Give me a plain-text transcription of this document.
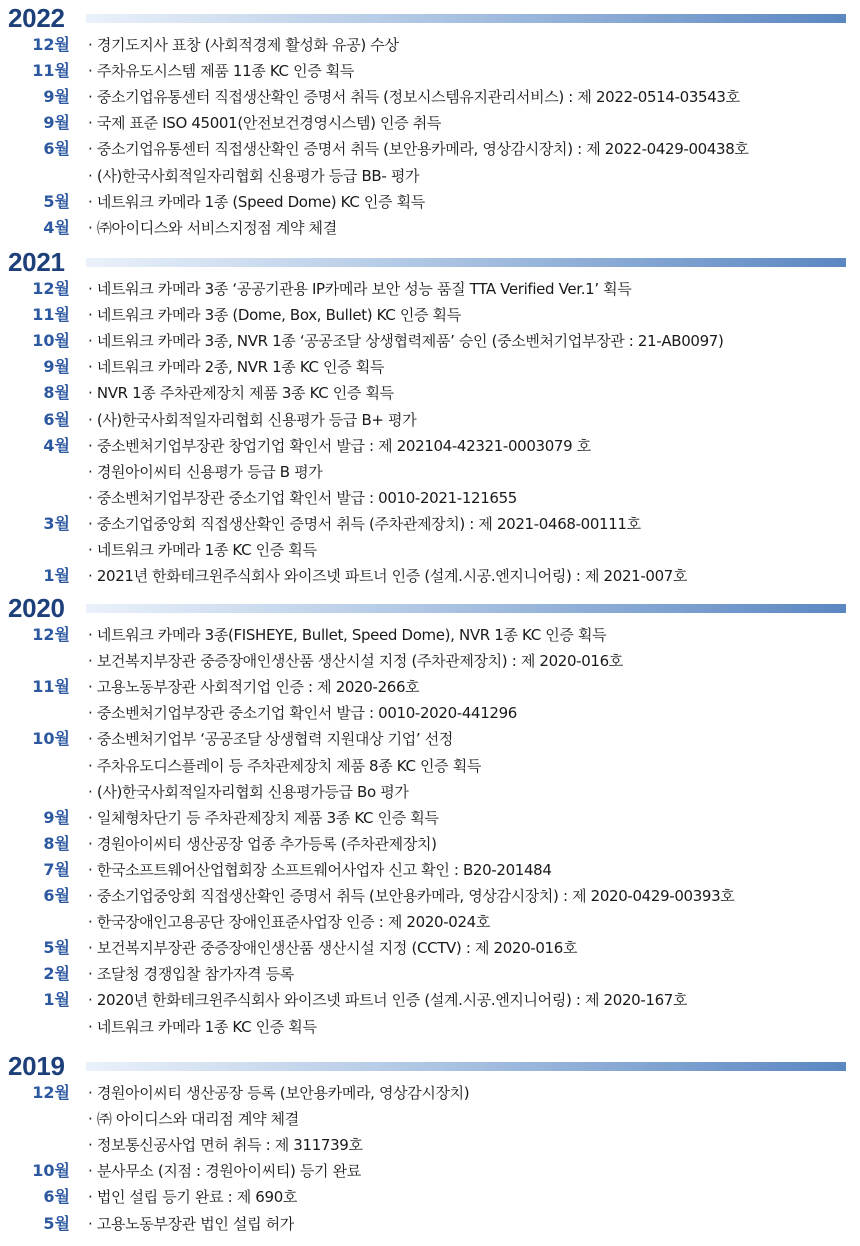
2022
12월 · 경기도지사 표창 (사회적경제 활성화 유공) 수상
11월 · 주차유도시스템 제품 11종 KC 인증 획득
9월 · 중소기업유통센터 직접생산확인 증명서 취득 (정보시스템유지관리서비스) : 제 2022-0514-03543호
9월 · 국제 표준 ISO 45001(안전보건경영시스템) 인증 취득
6월 · 중소기업유통센터 직접생산확인 증명서 취득 (보안용카메라, 영상감시장치) : 제 2022-0429-00438호
· (사)한국사회적일자리협회 신용평가 등급 BB- 평가
5월 · 네트워크 카메라 1종 (Speed Dome) KC 인증 획득
4월 · ㈜아이디스와 서비스지정점 계약 체결
2021
12월 · 네트워크 카메라 3종 ‘공공기관용 IP카메라 보안 성능 품질 TTA Verified Ver.1’ 획득
11월 · 네트워크 카메라 3종 (Dome, Box, Bullet) KC 인증 획득
10월 · 네트워크 카메라 3종, NVR 1종 ‘공공조달 상생협력제품’ 승인 (중소벤처기업부장관 : 21-AB0097)
9월 · 네트워크 카메라 2종, NVR 1종 KC 인증 획득
8월 · NVR 1종 주차관제장치 제품 3종 KC 인증 획득
6월 · (사)한국사회적일자리협회 신용평가 등급 B+ 평가
4월 · 중소벤처기업부장관 창업기업 확인서 발급 : 제 202104-42321-0003079 호
· 경원아이씨티 신용평가 등급 B 평가
· 중소벤처기업부장관 중소기업 확인서 발급 : 0010-2021-121655
3월 · 중소기업중앙회 직접생산확인 증명서 취득 (주차관제장치) : 제 2021-0468-00111호
· 네트워크 카메라 1종 KC 인증 획득
1월 · 2021년 한화테크윈주식회사 와이즈넷 파트너 인증 (설계.시공.엔지니어링) : 제 2021-007호
2020
12월 · 네트워크 카메라 3종(FISHEYE, Bullet, Speed Dome), NVR 1종 KC 인증 획득
· 보건복지부장관 중증장애인생산품 생산시설 지정 (주차관제장치) : 제 2020-016호
11월 · 고용노동부장관 사회적기업 인증 : 제 2020-266호
· 중소벤처기업부장관 중소기업 확인서 발급 : 0010-2020-441296
10월 · 중소벤처기업부 ‘공공조달 상생협력 지원대상 기업’ 선정
· 주차유도디스플레이 등 주차관제장치 제품 8종 KC 인증 획득
· (사)한국사회적일자리협회 신용평가등급 Bo 평가
9월 · 일체형차단기 등 주차관제장치 제품 3종 KC 인증 획득
8월 · 경원아이씨티 생산공장 업종 추가등록 (주차관제장치)
7월 · 한국소프트웨어산업협회장 소프트웨어사업자 신고 확인 : B20-201484
6월 · 중소기업중앙회 직접생산확인 증명서 취득 (보안용카메라, 영상감시장치) : 제 2020-0429-00393호
· 한국장애인고용공단 장애인표준사업장 인증 : 제 2020-024호
5월 · 보건복지부장관 중증장애인생산품 생산시설 지정 (CCTV) : 제 2020-016호
2월 · 조달청 경쟁입찰 참가자격 등록
1월 · 2020년 한화테크윈주식회사 와이즈넷 파트너 인증 (설계.시공.엔지니어링) : 제 2020-167호
· 네트워크 카메라 1종 KC 인증 획득
2019
12월 · 경원아이씨티 생산공장 등록 (보안용카메라, 영상감시장치)
· ㈜ 아이디스와 대리점 계약 체결
· 정보통신공사업 면허 취득 : 제 311739호
10월 · 분사무소 (지점 : 경원아이씨티) 등기 완료
6월 · 법인 설립 등기 완료 : 제 690호
5월 · 고용노동부장관 법인 설립 허가
